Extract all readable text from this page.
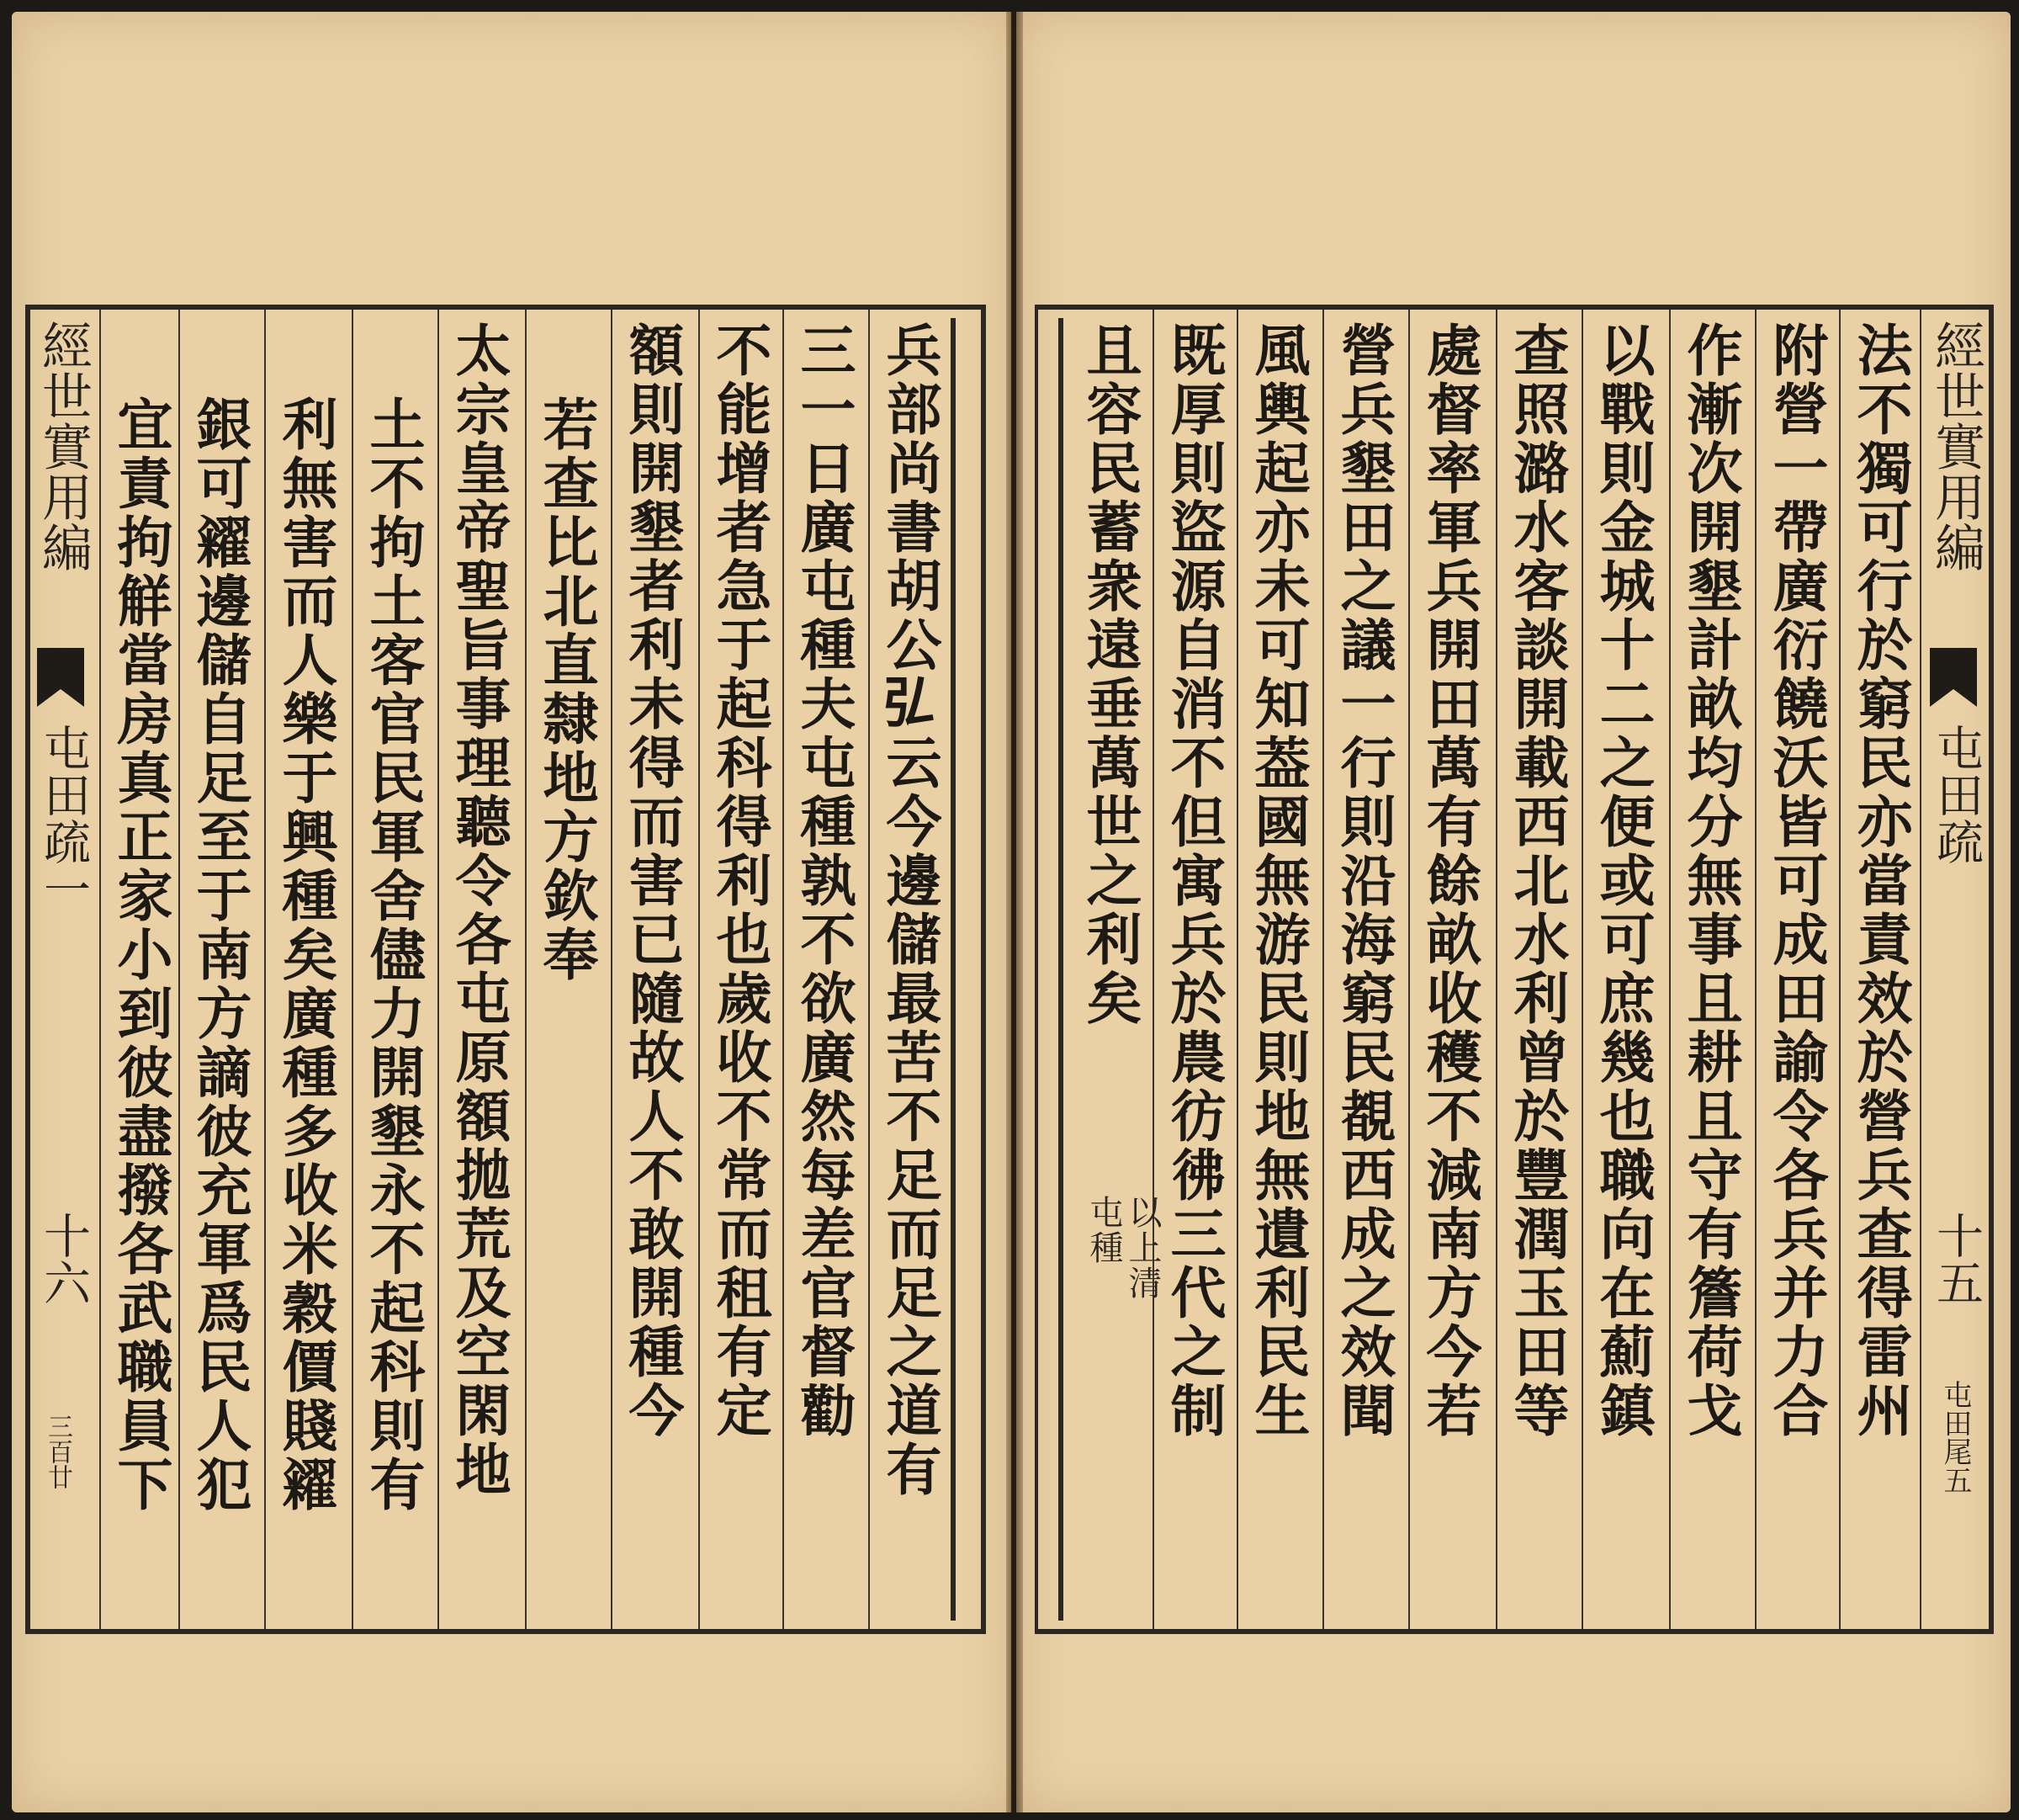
經世實用編
屯田疏一
十六
三百廿	兵部尚書胡公𢎞云今邊儲最苦不足而足之道有
三一日廣屯種夫屯種孰不欲廣然每差官督勸
不能增者急于起科得利也歲收不常而租有定
額則開墾者利未得而害已隨故人不敢開種今
若查比北直隸地方欽奉
太宗皇帝聖旨事理聽令各屯原額拋荒及空閑地
土不拘土客官民軍舍儘力開墾永不起科則有
利無害而人樂于興種矣廣種多收米穀價賤糴
銀可糴邊儲自足至于南方謫彼充軍爲民人犯
宜責拘觧當房真正家小到彼盡撥各武職員下	經世實用編
屯田疏
十五
屯田尾五
法不獨可行於窮民亦當責效於營兵查得雷州
附營一帶廣衍饒沃皆可成田諭令各兵并力合
作漸次開墾計畝均分無事且耕且守有簷荷戈
以戰則金城十二之便或可庶幾也職向在薊鎮
查照潞水客談開載西北水利曾於豐潤玉田等
處督率軍兵開田萬有餘畝收穫不減南方今若
營兵墾田之議一行則沿海窮民覩西成之效聞
風輿起亦未可知葢國無游民則地無遺利民生
既厚則盜源自消不但寓兵於農彷彿三代之制
且容民蓄衆遠垂萬世之利矣
以上清
屯種
